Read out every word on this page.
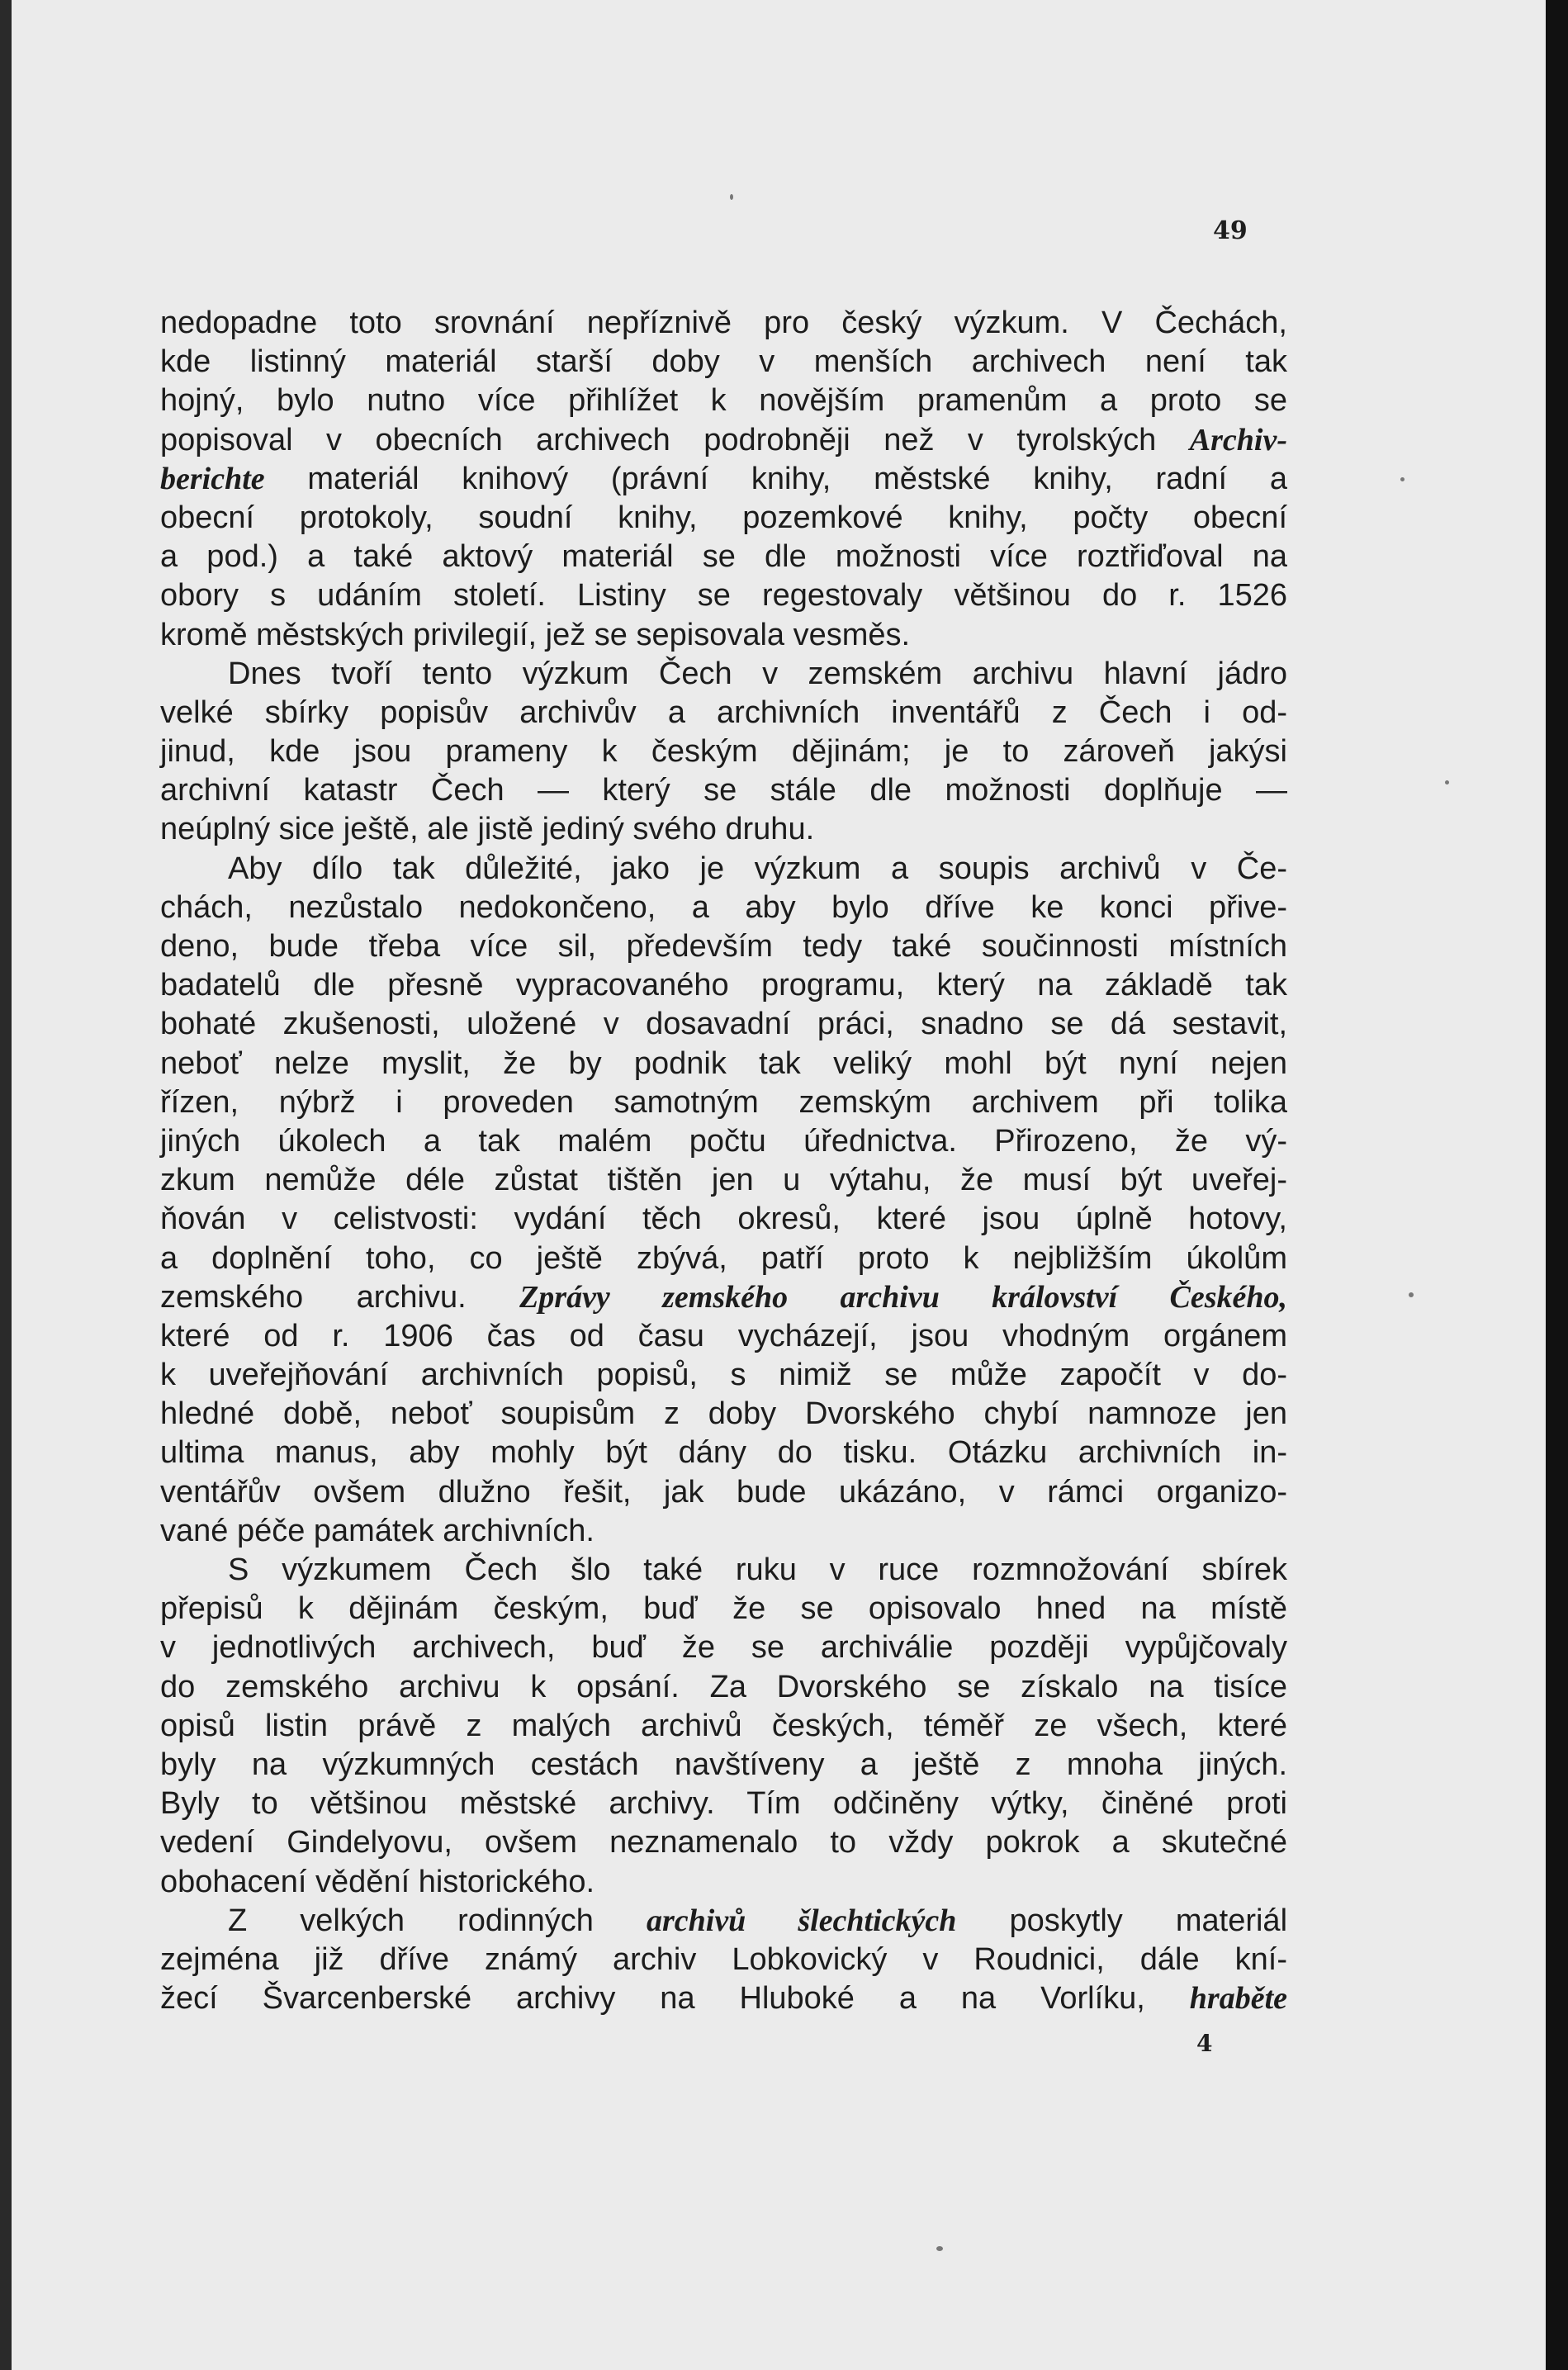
49
nedopadne toto srovnání nepříznivě pro český výzkum. V Čechách,
kde listinný materiál starší doby v menších archivech není tak
hojný, bylo nutno více přihlížet k novějším pramenům a proto se
popisoval v obecních archivech podrobněji než v tyrolských Archiv-
berichte materiál knihový (právní knihy, městské knihy, radní a
obecní protokoly, soudní knihy, pozemkové knihy, počty obecní
a pod.) a také aktový materiál se dle možnosti více roztřiďoval na
obory s udáním století. Listiny se regestovaly většinou do r. 1526
kromě městských privilegií, jež se sepisovala vesměs.
Dnes tvoří tento výzkum Čech v zemském archivu hlavní jádro
velké sbírky popisův archivův a archivních inventářů z Čech i od-
jinud, kde jsou prameny k českým dějinám; je to zároveň jakýsi
archivní katastr Čech — který se stále dle možnosti doplňuje —
neúplný sice ještě, ale jistě jediný svého druhu.
Aby dílo tak důležité, jako je výzkum a soupis archivů v Če-
chách, nezůstalo nedokončeno, a aby bylo dříve ke konci přive-
deno, bude třeba více sil, především tedy také součinnosti místních
badatelů dle přesně vypracovaného programu, který na základě tak
bohaté zkušenosti, uložené v dosavadní práci, snadno se dá sestavit,
neboť nelze myslit, že by podnik tak veliký mohl být nyní nejen
řízen, nýbrž i proveden samotným zemským archivem při tolika
jiných úkolech a tak malém počtu úřednictva. Přirozeno, že vý-
zkum nemůže déle zůstat tištěn jen u výtahu, že musí být uveřej-
ňován v celistvosti: vydání těch okresů, které jsou úplně hotovy,
a doplnění toho, co ještě zbývá, patří proto k nejbližším úkolům
zemského archivu. Zprávy zemského archivu království Českého,
které od r. 1906 čas od času vycházejí, jsou vhodným orgánem
k uveřejňování archivních popisů, s nimiž se může započít v do-
hledné době, neboť soupisům z doby Dvorského chybí namnoze jen
ultima manus, aby mohly být dány do tisku. Otázku archivních in-
ventářův ovšem dlužno řešit, jak bude ukázáno, v rámci organizo-
vané péče památek archivních.
S výzkumem Čech šlo také ruku v ruce rozmnožování sbírek
přepisů k dějinám českým, buď že se opisovalo hned na místě
v jednotlivých archivech, buď že se archiválie později vypůjčovaly
do zemského archivu k opsání. Za Dvorského se získalo na tisíce
opisů listin právě z malých archivů českých, téměř ze všech, které
byly na výzkumných cestách navštíveny a ještě z mnoha jiných.
Byly to většinou městské archivy. Tím odčiněny výtky, činěné proti
vedení Gindelyovu, ovšem neznamenalo to vždy pokrok a skutečné
obohacení vědění historického.
Z velkých rodinných archivů šlechtických poskytly materiál
zejména již dříve známý archiv Lobkovický v Roudnici, dále kní-
žecí Švarcenberské archivy na Hluboké a na Vorlíku, hraběte
4
